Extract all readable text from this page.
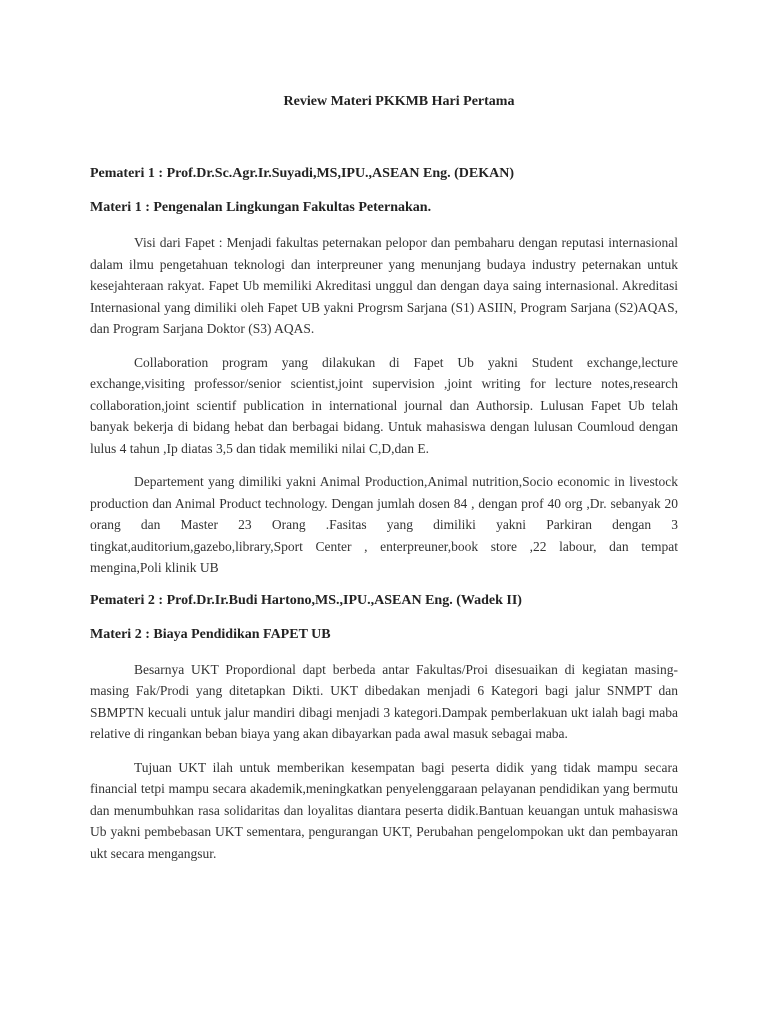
Review Materi PKKMB Hari Pertama
Pemateri 1 : Prof.Dr.Sc.Agr.Ir.Suyadi,MS,IPU.,ASEAN Eng. (DEKAN)
Materi 1 : Pengenalan Lingkungan Fakultas Peternakan.

Visi dari Fapet : Menjadi fakultas peternakan pelopor dan pembaharu dengan reputasi internasional dalam ilmu pengetahuan teknologi dan interpreuner yang menunjang budaya industry peternakan untuk kesejahteraan rakyat. Fapet Ub memiliki Akreditasi unggul dan dengan daya saing internasional. Akreditasi Internasional yang dimiliki oleh Fapet UB yakni Progrsm Sarjana (S1) ASIIN, Program Sarjana (S2)AQAS, dan Program Sarjana Doktor (S3) AQAS.

Collaboration program yang dilakukan di Fapet Ub yakni Student exchange,lecture exchange,visiting professor/senior scientist,joint supervision ,joint writing for lecture notes,research collaboration,joint scientif publication in international journal dan Authorsip. Lulusan Fapet Ub telah banyak bekerja di bidang hebat dan berbagai bidang. Untuk mahasiswa dengan lulusan Coumloud dengan lulus 4 tahun ,Ip diatas 3,5 dan tidak memiliki nilai C,D,dan E.

Departement yang dimiliki yakni Animal Production,Animal nutrition,Socio economic in livestock production dan Animal Product technology. Dengan jumlah dosen 84 , dengan prof 40 org ,Dr. sebanyak 20 orang dan Master 23 Orang .Fasitas yang dimiliki yakni Parkiran dengan 3 tingkat,auditorium,gazebo,library,Sport Center , enterpreuner,book store ,22 labour, dan tempat mengina,Poli klinik UB

Pemateri 2 : Prof.Dr.Ir.Budi Hartono,MS.,IPU.,ASEAN Eng. (Wadek II)
Materi 2 : Biaya Pendidikan FAPET UB

Besarnya UKT Propordional dapt berbeda antar Fakultas/Proi disesuaikan di kegiatan masing-masing Fak/Prodi yang ditetapkan Dikti. UKT dibedakan menjadi 6 Kategori bagi jalur SNMPT dan SBMPTN kecuali untuk jalur mandiri dibagi menjadi 3 kategori.Dampak pemberlakuan ukt ialah bagi maba relative di ringankan beban biaya yang akan dibayarkan pada awal masuk sebagai maba.

Tujuan UKT ilah untuk memberikan kesempatan bagi peserta didik yang tidak mampu secara financial tetpi mampu secara akademik,meningkatkan penyelenggaraan pelayanan pendidikan yang bermutu dan menumbuhkan rasa solidaritas dan loyalitas diantara peserta didik.Bantuan keuangan untuk mahasiswa Ub yakni pembebasan UKT sementara, pengurangan UKT, Perubahan pengelompokan ukt dan pembayaran ukt secara mengangsur.
